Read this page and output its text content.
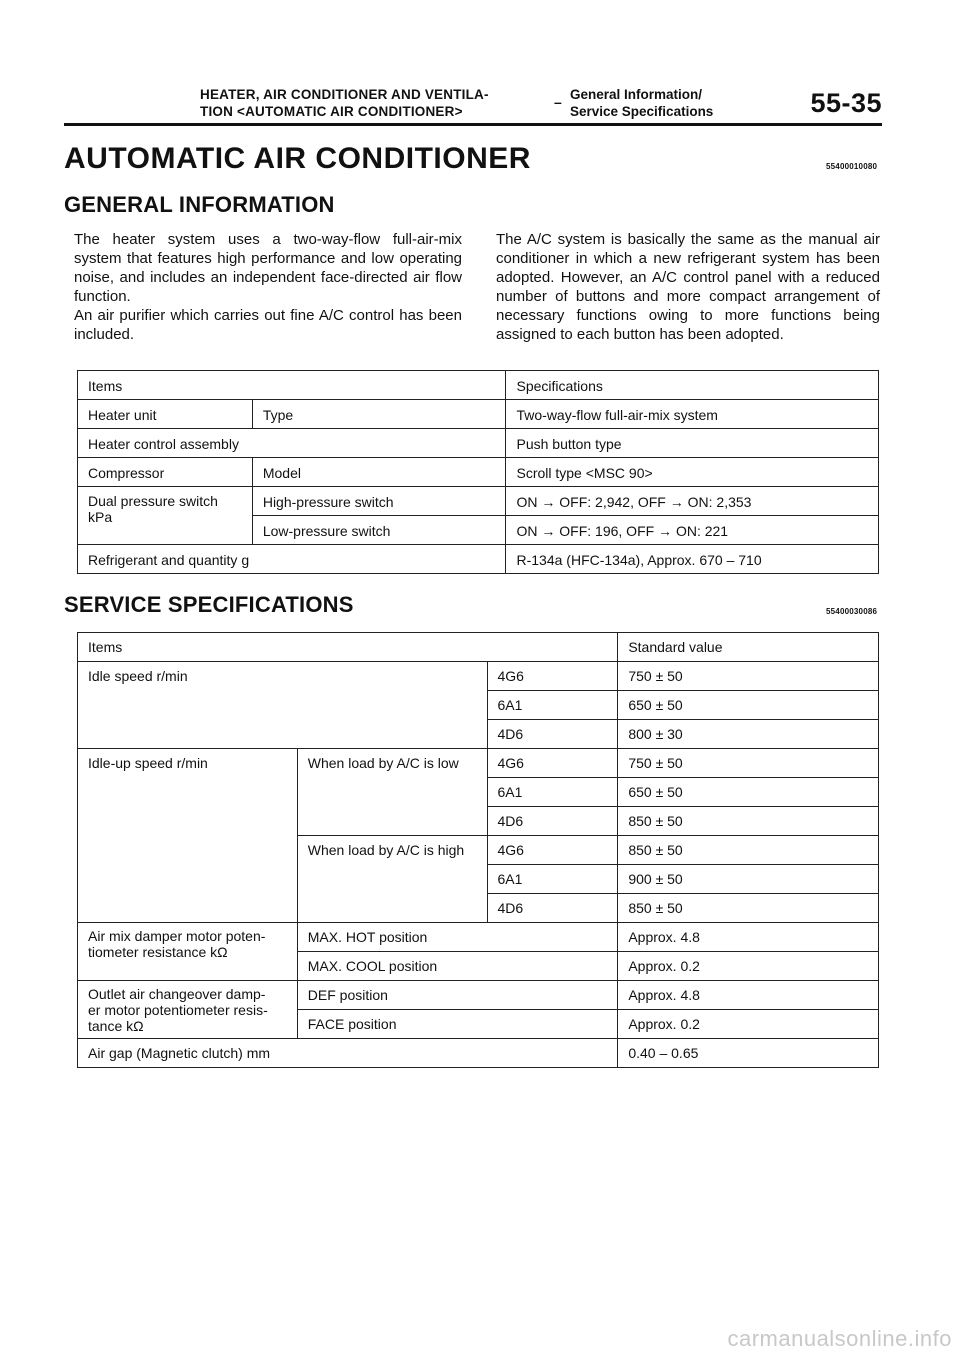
HEATER, AIR CONDITIONER AND VENTILA-
TION <AUTOMATIC AIR CONDITIONER>
– General Information/
Service Specifications	55-35
AUTOMATIC AIR CONDITIONER	55400010080
GENERAL INFORMATION

The heater system uses a two-way-flow full-air-mix system that features high performance and low operating noise, and includes an independent face-directed air flow function.

An air purifier which carries out fine A/C control has been included.

The A/C system is basically the same as the manual air conditioner in which a new refrigerant system has been adopted. However, an A/C control panel with a reduced number of buttons and more compact arrangement of necessary functions owing to more functions being assigned to each button has been adopted.

Items		Specifications
Heater unit	Type	Two-way-flow full-air-mix system
Heater control assembly		Push button type
Compressor	Model	Scroll type <MSC 90>

Dual pressure switch
kPa	High-pressure switch	ON → OFF: 2,942, OFF → ON: 2,353
	Low-pressure switch	ON → OFF: 196, OFF → ON: 221
Refrigerant and quantity g		R-134a (HFC-134a), Approx. 670 – 710
SERVICE SPECIFICATIONS	55400030086
Items			Standard value
Idle speed r/min		4G6	750 ± 50
		6A1	650 ± 50
		4D6	800 ± 30
Idle-up speed r/min	When load by A/C is low	4G6	750 ± 50
		6A1	650 ± 50
		4D6	850 ± 50
	When load by A/C is high	4G6	850 ± 50
		6A1	900 ± 50
		4D6	850 ± 50

Air mix damper motor poten-
tiometer resistance kΩ	MAX. HOT position		Approx. 4.8
	MAX. COOL position		Approx. 0.2

Outlet air changeover damp-
er motor potentiometer resis-
tance kΩ	DEF position		Approx. 4.8
	FACE position		Approx. 0.2
Air gap (Magnetic clutch) mm			0.40 – 0.65
carmanualsonline.info
